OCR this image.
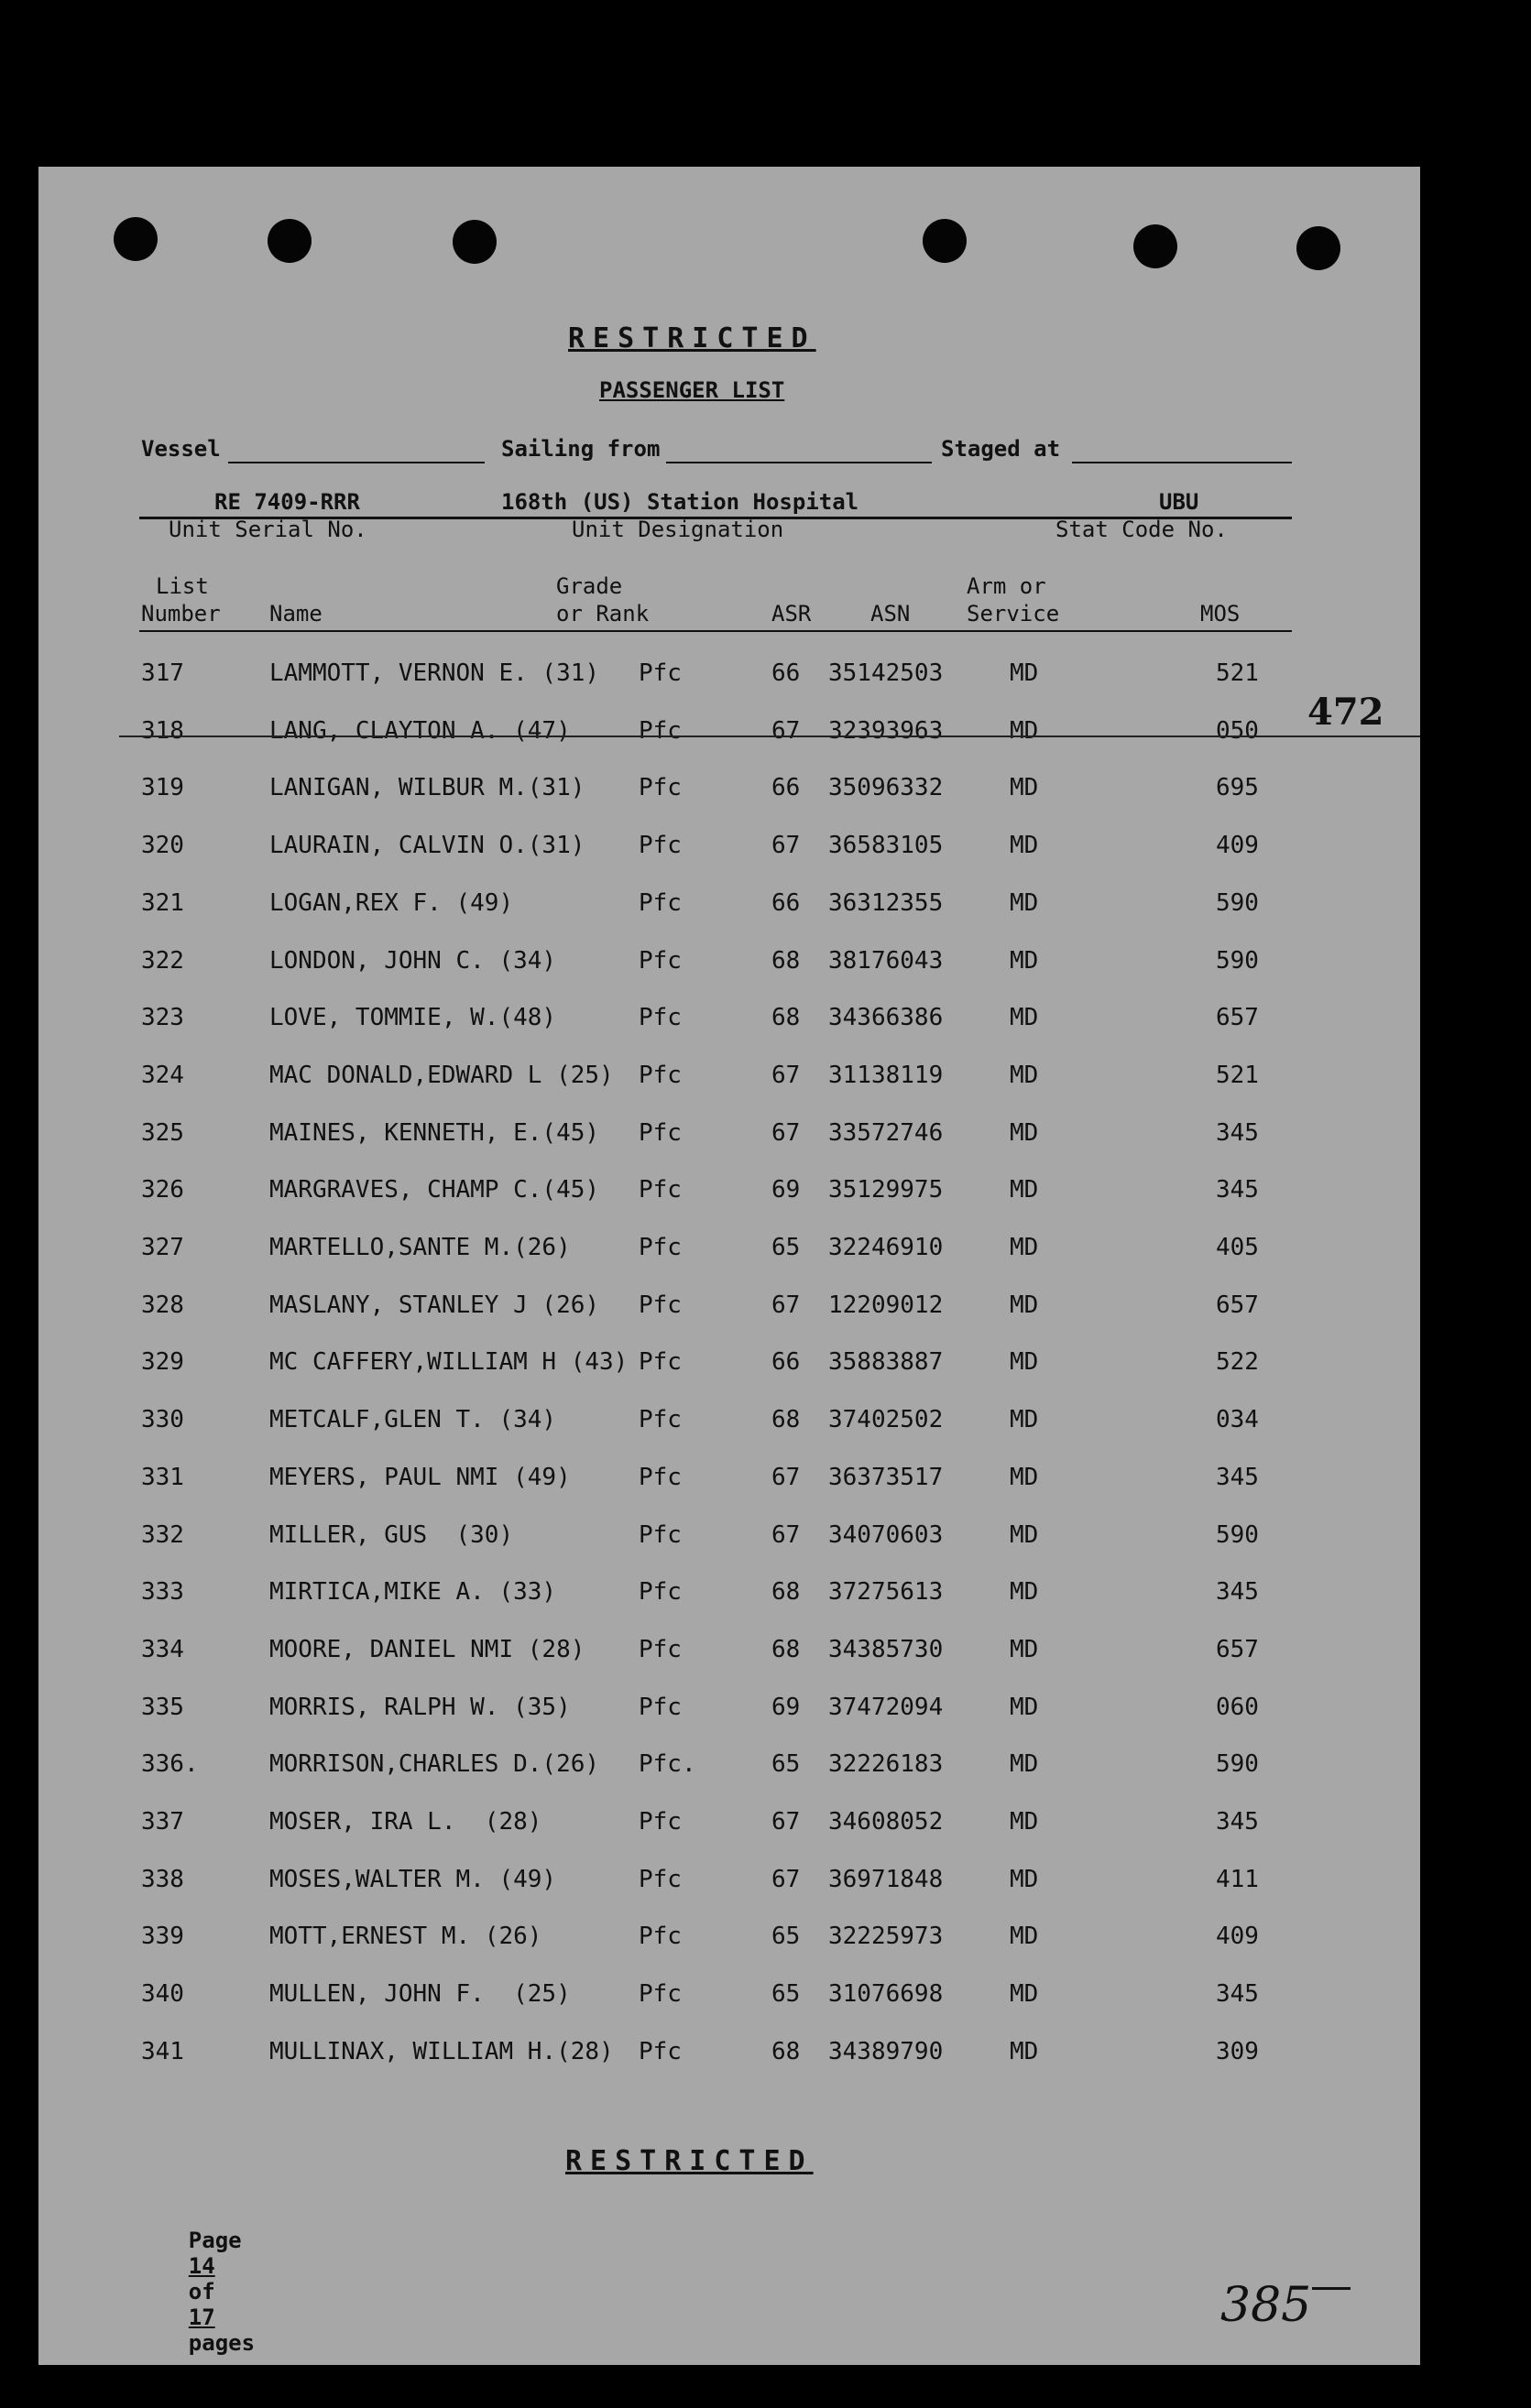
RESTRICTED
PASSENGER LIST
Vessel	Sailing from	Staged at
RE 7409-RRR	168th (US) Station Hospital	UBU
Unit Serial No.	Unit Designation	Stat Code No.
List
Number Name
Grade
or Rank	ASR	ASN
Arm or
Service	MOS
317	LAMMOTT, VERNON E. (31) Pfc	66 35142503	MD	521
318	LANG, CLAYTON A. (47)	Pfc	67 32393963	MD	050
319	LANIGAN, WILBUR M.(31) Pfc	66 35096332	MD	695
320	LAURAIN, CALVIN O.(31) Pfc	67 36583105	MD	409
321	LOGAN,REX F. (49)	Pfc	66 36312355	MD	590
322	LONDON, JOHN C. (34)	Pfc	68 38176043	MD	590
323	LOVE, TOMMIE, W.(48)	Pfc	68 34366386	MD	657
324	MAC DONALD,EDWARD L (25) Pfc	67 31138119	MD	521
325	MAINES, KENNETH, E.(45) Pfc	67 33572746	MD	345
326	MARGRAVES, CHAMP C.(45) Pfc	69 35129975	MD	345
327	MARTELLO,SANTE M.(26)	Pfc	65 32246910	MD	405
328	MASLANY, STANLEY J (26) Pfc	67 12209012	MD	657
329	MC CAFFERY,WILLIAM H (43) Pfc	66 35883887	MD	522
330	METCALF,GLEN T. (34)	Pfc	68 37402502	MD	034
331	MEYERS, PAUL NMI (49)	Pfc	67 36373517	MD	345
332	MILLER, GUS  (30)	Pfc	67 34070603	MD	590
333	MIRTICA,MIKE A. (33)	Pfc	68 37275613	MD	345
334	MOORE, DANIEL NMI (28) Pfc	68 34385730	MD	657
335	MORRIS, RALPH W. (35)	Pfc	69 37472094	MD	060
336.	MORRISON,CHARLES D.(26) Pfc.	65 32226183	MD	590
337	MOSER, IRA L.  (28)	Pfc	67 34608052	MD	345
338	MOSES,WALTER M. (49)	Pfc	67 36971848	MD	411
339	MOTT,ERNEST M. (26)	Pfc	65 32225973	MD	409
340	MULLEN, JOHN F.  (25)	Pfc	65 31076698	MD	345
341	MULLINAX, WILLIAM H.(28) Pfc	68 34389790	MD	309
472
RESTRICTED

Page
14
of
17
pages

385
